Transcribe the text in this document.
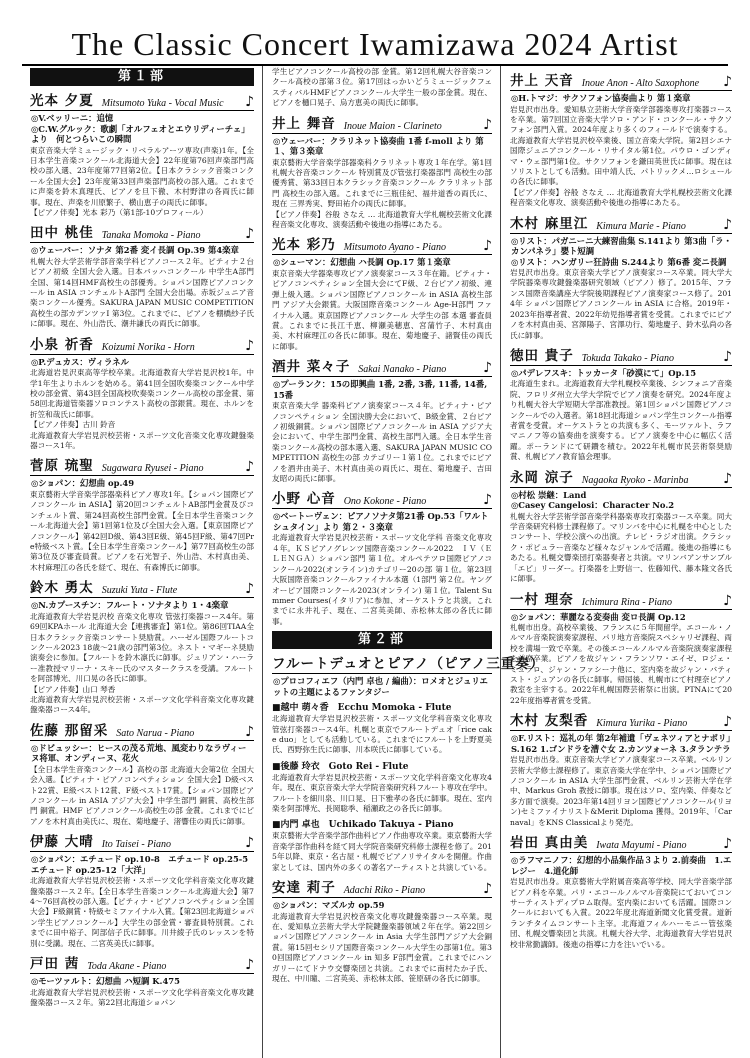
The Classic Concert Iwamizawa 2024 Artist
第１部
光本 夕夏 Mitsumoto Yuka - Vocal Music	♪
◎V.ベッリーニ：追憶
◎C.W.グルック：歌劇「オルフェオとエウリディーチェ」より　何とつらいこの瞬間
東京音楽大学ミュージック・リベラルアーツ専攻(声楽)1年。【全日本学生音楽コンクール北海道大会】22年度第76回声楽部門高校の部入選、23年度第77回第2位。【日本クラシック音楽コンクール全国大会】23年度第33回声楽部門高校の部入選。これまでに声楽を鈴木真理氏、ピアノを旦下徹、木村野津の各両氏に師事。現在、声楽を川原繁子、横山恵子の両氏に師事。
【ピアノ伴奏】光本 彩乃（第1部-10プロフィール）
田中 桃佳 Tanaka Momoka - Piano	♪
◎ウェーバー：ソナタ 第2番 変イ長調 Op.39 第4楽章
札幌大谷大学芸術学部音楽学科ピアノコース２年。ピティナ２台ピアノ初級 全国大会入選。日本バッハコンクール 中学生A部門 全国、第14回HMF高校生の部優秀。ショパン国際ピアノコンクール in ASIA コンチェルトA部門 全国大会出場。赤坂ジュニア音楽コンクール優秀。SAKURA JAPAN MUSIC COMPETITION 高校生の部カデンツァI 第3位。これまでに、ピアノを棚橋紗子氏に師事。現在、外山浩氏、潮井謙氏の両氏に師事。
小泉 祈香 Koizumi Norika - Horn	♪
◎P.デュカス：ヴィラネル
北海道岩見沢東高等学校卒業。北海道教育大学岩見沢校1年。中学1年生よりホルンを始める。第41回全国吹奏楽コンクール中学校の部金賞、第43回全国高校吹奏楽コンクール高校の部金賞、第58回北海道管楽器ソロコンテスト高校の部銀賞。現在、ホルンを折笠和哉氏に師事。
【ピアノ伴奏】古川 鈴音
北海道教育大学岩見沢校芸術・スポーツ文化音楽文化専攻鍵盤楽器コース1年。
菅原 琉聖 Sugawara Ryusei - Piano	♪
◎ショパン：幻想曲 op.49
東京藝術大学音楽学部器楽科ピアノ専攻1年。【ショパン国際ピアノコンクール in ASIA】第20回コンチェルトAB部門金賞及びコンチェルト賞、第24回高校生部門金賞。【全日本学生音楽コンクール北海道大会】第1回第1位及び全国大会入選。【東京国際ピアノコンクール】第42回D級、第43回E級、第45回F級、第47回Pre特級ベスト賞。【全日本学生音楽コンクール】第77回高校生の部第3位及び審査員賞。ピアノを石光智子、外山浩、木村真由美、木村麻理江の各氏を経て、現在、有森博氏に師事。
鈴木 勇太 Suzuki Yuta - Flute	♪
◎N.カプースチン：フルート・ソナタより 1・4楽章
北海道教育大学岩見沢校 音楽文化専攻 管弦打楽器コース4年。第69回KPAホール 北海道大会【連携審査】第1位。第86回TIAA全日本クラシック音楽コンサート奨励賞。ハーゼル国際フルートコンクール2023 18歳〜21歳の部門第3位。ネスト・マギーネ奨励演奏会に参加。【フルートを鈴木凛氏に師事。ジュリアン・ハーラー准教授マリーナ・スキー氏のマスタークラスを受講。フルートを阿部博光、川口晃の各氏に師事。
【ピアノ伴奏】山口 琴香
北海道教育大学岩見沢校芸術・スポーツ文化学科音楽文化専攻鍵盤楽器コース4年。
佐藤 那留采 Sato Narua - Piano	♪
◎ドビュッシー：ヒースの茂る荒地、風変わりなラヴィーヌ将軍、オンディーヌ、花火
【全日本学生音楽コンクール】高校の部 北海道大会第2位 全国大会入選。【ピティナ・ピアノコンペティション 全国大会】D級ベスト22賞、E級ベスト12賞、F級ベスト17賞。【ショパン国際ピアノコンクール in ASIA アジア大会】中学生部門 銅賞、高校生部門 銅賞。HMF ピアノコンクール高校生の部 金賞。これまでにピアノを木村真由美氏に、現在、菊地慶子、渚響佳の両氏に師事。
伊藤 大晴 Ito Taisei - Piano	♪
◎ショパン：エチュード op.10-8　エチュード op.25-5　エチュード op.25-12「大洋」
北海道教育大学岩見沢校芸術・スポーツ文化学科音楽文化専攻鍵盤楽器コース２年。【全日本学生音楽コンクール北海道大会】第74〜76回高校の部入選。【ピティナ・ピアノコンペティション全国大会】F級銅賞・特級セミファイナル入賞。【第23回北海道ショパン学生ピアノコンクール】大学生の部金賞・審査員特別賞。これまでに田中裕子、阿部信子氏に師事。川井綾子氏のレッスンを特別に受講。現在、二宮英美氏に師事。
戸田 茜 Toda Akane - Piano	♪
◎モーツァルト：幻想曲 ハ短調 K.475
北海道教育大学岩見沢校芸術・スポーツ文化学科音楽文化専攻鍵盤楽器コース２年。第22回北海道ショパン
学生ピアノコンクール高校の部 金賞。第12回札幌大谷音楽コンクール高校の部第３位。第17回はっかいどうミュージックフェスティバルHMFピアノコンクール大学生一般の部金賞。現在、ピアノを樋口晃子、烏方恵美の両氏に師事。
井上 舞音 Inoue Maion - Clarineto	♪
◎ウェーバー：クラリネット協奏曲 1番 f-moll より 第１、第３楽章
東京藝術大学音楽学部器楽科クラリネット専攻１年在学。第1回 札幌大谷音楽コンクール 特別賞及び管弦打楽器部門 高校生の部 優秀賞、第33回日本クラシック音楽コンクール クラリネット部門 高校生の部入選。これまでに三瓶佳紀、福井道香の両氏に、現在 三界秀実、野田祐介の両氏に師事。
【ピアノ伴奏】谷般 さなえ … 北海道教育大学札幌校芸術文化課程音楽文化専攻、演奏活動や後進の指導にあたる。
光本 彩乃 Mitsumoto Ayano - Piano	♪
◎シューマン：幻想曲 ハ長調 Op.17 第１楽章
東京音楽大学器楽専攻ピアノ演奏家コース３年在籍。ピティナ・ピアノコンペティション全国大会にてF級、２台ピアノ初級、連弾上級入選。ショパン国際ピアノコンクール in ASIA 高校生部門 アジア大会銀賞。大阪国際音楽コンクール Age-H部門 ファイナル入選。東京国際ピアノコンクール 大学生の部 本選 審査員賞。これまでに長江千恵、柳瀬美穂恵、宮蒲竹子、木村真由美、木村麻理江の各氏に師事。現在、菊地慶子、諸賢佳の両氏に師事。
酒井 菜々子 Sakai Nanako - Piano	♪
◎プーランク：15の即興曲 1番, 2番, 3番, 11番, 14番, 15番
東京音楽大学 器楽科ピアノ演奏家コース４年。ピティナ・ピアノコンペティション 全国決勝大会において、B級金賞、２台ピアノ初級銅賞。ショパン国際ピアノコンクール in ASIA アジア大会において、中学生部門金賞、高校生部門入選。全日本学生音楽コンクール高校の部本選入選、SAKURA JAPAN MUSIC COMPETITION 高校生の部 カテゴリー１第１位。これまでにピアノを酒井由美子、木村真由美の両氏に、現在、菊地慶子、吉田友昭の両氏に師事。
小野 心音 Ono Kokone - Piano	♪
◎ベートーヴェン：ピアノソナタ第21番 Op.53「ワルトシュタイン」より 第２・３楽章
北海道教育大学岩見沢校芸術・スポーツ文化学科 音楽文化専攻４年。ＫＳピアノグレンツ国際音楽コンクール2022　ＩＶ（ＥＬＥＮＧＡ）ショパン部門 第１位。オルペテツロ国際ピアノコンクール2022(オンライン)カテゴリー20の部 第１位。第23回大阪国際音楽コンクールファイナル本選（1部門 第２位。ヤングオーピア国際コンクール2023(オンライン) 第１位。Talent Summer Courses(イタリア)に参加、オーケストラと共演。これまでに永井礼子、現在、二宮英美師、赤松林太郎の各氏に師事。
第２部
フルートデュオとピアノ（ピアノ三重奏）
◎プロコフィエフ（内門 卓也 / 編曲）：ロメオとジュリエットの主題によるファンタジー
■越中 萌々香　Ecchu Momoka - Flute
北海道教育大学岩見沢校芸術・スポーツ文化学科音楽文化専攻 管弦打楽器コース4年。札幌と東京でフルートデュオ「rice cake duo」としても活動している。これまでにフルートを上野夏美氏、西野弥生氏に師事、川本咲氏に師事している。
■後藤 玲衣　Goto Rei - Flute
北海道教育大学岩見沢校芸術・スポーツ文化学科音楽文化専攻4年。現在、東京音楽大学大学院音楽研究科フルート専攻在学中。フルートを細川泉、川口晃、日下雅孝の各氏に師事。現在、室内楽を阿部博光、長岡聡季、稲瀬政之の各氏に師事。
■内門 卓也　Uchikado Takuya - Piano
東京藝術大学音楽学部作曲科ピアノ作曲専攻卒業。東京藝術大学音楽学部作曲科を経て同大学院音楽研究科修士課程を修了。2015年以降、東京・名古屋・札幌でピアノリサイタルを開催。作曲家としては、国内外の多くの著名アーティストと共演している。
安達 莉子 Adachi Riko - Piano	♪
◎ショパン：マズルカ op.59
北海道教育大学岩見沢校音楽文化専攻鍵盤楽器コース卒業。現在、愛知県立芸術大学大学院鍵盤楽器領域２年在学。第22回ショパン国際ピアノコンクール in Asia 大学生部門アジア大会銅賞。第15回セシリア国際音楽コンクール大学生の部第1位。第30回国際ピアノコンクール in 知多 F部門金賞。これまでにハンガリーにてドナウ交響楽団と共演。これまでに南村たか子氏、現在、中川瞳、二宮英美、赤松林太郎、笹原研の各氏に師事。
井上 天音 Inoue Anon - Alto Saxophone	♪
◎H.トマジ：サクソフォン協奏曲より 第１楽章
岩見沢市出身。愛知県立芸術大学音楽学部器楽専攻打楽器コースを卒業。第7回国立音楽大学ソロ・アンド・コンクール・サクソフォン部門入賞。2024年度より多くのフィールドで演奏する。北海道教育大学岩見沢校卒業後、国立音楽大学院。第2回シエナ国際ジュニアコンクール・リサイタル第1位。パウロ・ゴンディマ・ウェ部門第1位。サクソフォンを鎌田英世氏に師事。現在はソリストとしても活動。田中靖人氏、パトリックメ…ロシュールの各氏に師事。
【ピアノ伴奏】谷般 さなえ … 北海道教育大学札幌校芸術文化課程音楽文化専攻、演奏活動や後進の指導にあたる。
木村 麻里江 Kimura Marie - Piano	♪
◎リスト：パガニーニ大練習曲集 S.141より 第3曲「ラ・カンパネラ」嬰ト短調
◎リスト：ハンガリー狂詩曲 S.244より 第6番 変ニ長調
岩見沢市出身。東京音楽大学ピアノ演奏家コース卒業。同大学大学院器楽専攻鍵盤楽器研究領域（ピアノ）修了。2015年、フランス国際音楽講座大学院後期課程ピアノ演奏家コース修了。2014年 ショパン国際ピアノコンクール in ASIA に合格。2019年・2023年指導者賞、2022年幼児指導者賞を受賞。これまでにピアノを木村真由美、宮澤陽子、宮澤功行、菊地慶子、鈴木弘尚の各氏に師事。
徳田 貴子 Tokuda Takako - Piano	♪
◎パデレフスキ：トッカータ「砂漠にて」Op.15
北海道生まれ。北海道教育大学札幌校卒業後、シンフォニア音楽院、フロリダ州立大学大学院でピアノ演奏を研究。2024年度より札幌大谷大学短期大学部准教授。第1回ショパン国際ピアノコンクールでの入選者。第18回北海道ショパン学生コンクール指導者賞を受賞。オーケストラとの共演も多く、モーツァルト、ラフマニノフ等の協奏曲を演奏する。ピアノ演奏を中心に幅広く活躍。ポーランドにて研鑽を積む。2022年札幌市民芸術祭奨励賞、札幌ピアノ教育協会理事。
永岡 涼子 Nagaoka Ryoko - Marinba	♪
◎村松 崇継：Land
◎Casey Cangelosi：Character No.2
札幌大谷大学芸術学部音楽学科器楽専攻打楽器コース卒業。同大学音楽研究科修士課程修了。マリンバを中心に札幌を中心としたコンサート、学校公演への出演。テレビ・ラジオ出演。クラシック・ポピュラー音楽など様々なジャンルで活躍。後進の指導にもあたる。札幌交響楽団打楽器奏者と共演。マリンバアンサンブル「エピ」リーダー。打楽器を上野信一、佐藤知代、藤本隆文各氏に師事。
一村 理奈 Ichimura Rina - Piano	♪
◎ショパン：華麗なる変奏曲 変ロ長調 Op.12
札幌市出身。高校卒業後、フランスに５年間留学。エコール・ノルマル音楽院演奏家課程、パリ地方音楽院スペシャリゼ課程、両校を満場一致で卒業。その後エコールノルマル音楽院演奏家課程を首席卒業。ピアノを故ジャン・フランソワ・エイゼ、ロジェ・ミュラロ、ジャン・ファシーナ他に、室内楽を故ジャン・バティスト・ジュアンの各氏に師事。帰国後、札幌市にて村理奈ピアノ教室を主宰する。2022年札幌国際芸術祭に出演。PTNAにて2022年度指導者賞を受賞。
木村 友梨香 Kimura Yurika - Piano	♪
◎F.リスト：巡礼の年 第2年補遺「ヴェネツィアとナポリ」S.162 1.ゴンドラを漕ぐ女 2.カンツォーネ 3.タランテラ
岩見沢市出身。東京音楽大学ピアノ演奏家コース卒業。ベルリン芸術大学修士課程修了。東京音楽大学在学中、ショパン国際ピアノコンクール in ASIA 大学生部門金賞、ベルリン芸術大学在学中、Markus Groh 教授に師事。現在はソロ、室内楽、伴奏など多方面で演奏。2023年第14回リヨン国際ピアノコンクール(リヨン)セミファイナリスト&Merit Diploma 獲得。2019年、「Carnaval」をKNS Classicalより発売。
岩田 真由美 Iwata Mayumi - Piano	♪
◎ラフマニノフ：幻想的小品集作品３より 2.前奏曲　1.エレジー　4.道化師
岩見沢市出身。東京藝術大学附属音楽高等学校、同大学音楽学部ピアノ科を卒業。パリ・エコールノルマル音楽院にておいてコンサーティストディプロム取得。室内楽においても活躍。国際コンクールにおいても入賞。2022年度北海道新聞文化賞受賞。道新ランチタイムコンサート主宰。北海道フィルハーモニー管弦楽団、札幌交響楽団と共演。札幌大谷大学、北海道教育大学岩見沢校非常勤講師。後進の指導に力を注いでいる。
